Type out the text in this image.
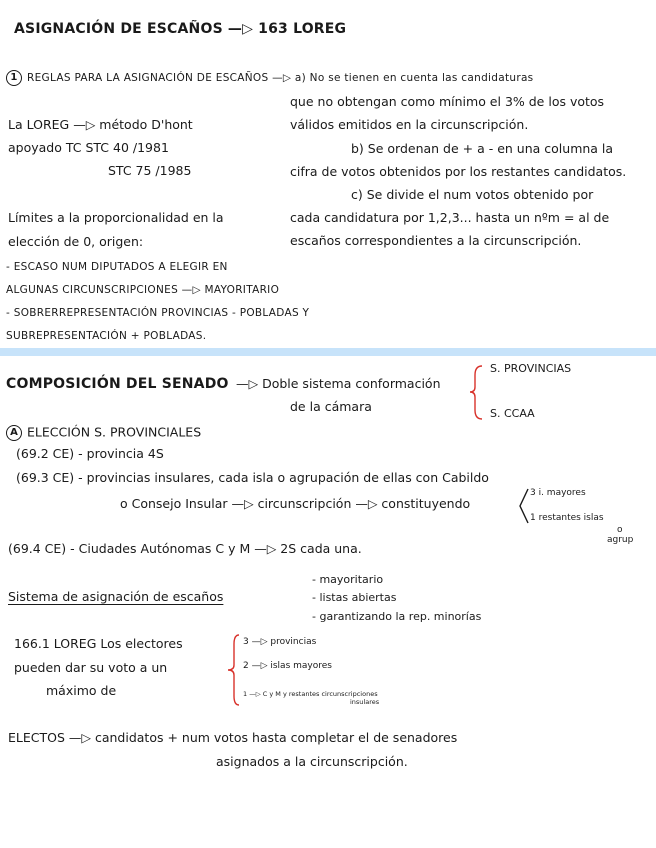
ASIGNACIÓN DE ESCAÑOS —▷ 163 LOREG
1 REGLAS PARA LA ASIGNACIÓN DE ESCAÑOS —▷ a) No se tienen en cuenta las candidaturas
que no obtengan como mínimo el 3% de los votos
válidos emitidos en la circunscripción.
b) Se ordenan de + a - en una columna la
cifra de votos obtenidos por los restantes candidatos.
c) Se divide el num votos obtenido por
cada candidatura por 1,2,3... hasta un nºm = al de
escaños correspondientes a la circunscripción.
La LOREG —▷ método D'hont
apoyado TC STC 40 /1981
STC 75 /1985
Límites a la proporcionalidad en la
elección de 0, origen:
- ESCASO NUM DIPUTADOS A ELEGIR EN
ALGUNAS CIRCUNSCRIPCIONES —▷ MAYORITARIO
- SOBRERREPRESENTACIÓN PROVINCIAS - POBLADAS Y
SUBREPRESENTACIÓN + POBLADAS.
COMPOSICIÓN DEL SENADO —▷ Doble sistema conformación
de la cámara
S. PROVINCIAS
S. CCAA
A ELECCIÓN S. PROVINCIALES
(69.2 CE) - provincia 4S
(69.3 CE) - provincias insulares, cada isla o agrupación de ellas con Cabildo
o Consejo Insular —▷ circunscripción —▷ constituyendo
3 i. mayores
1 restantes islas
o
agrup
(69.4 CE) - Ciudades Autónomas C y M —▷ 2S cada una.
Sistema de asignación de escaños
- mayoritario
- listas abiertas
- garantizando la rep. minorías
166.1 LOREG Los electores
pueden dar su voto a un
máximo de
3 —▷ provincias
2 —▷ islas mayores
1 —▷ C y M y restantes circunscripciones
insulares
ELECTOS —▷ candidatos + num votos hasta completar el de senadores
asignados a la circunscripción.
